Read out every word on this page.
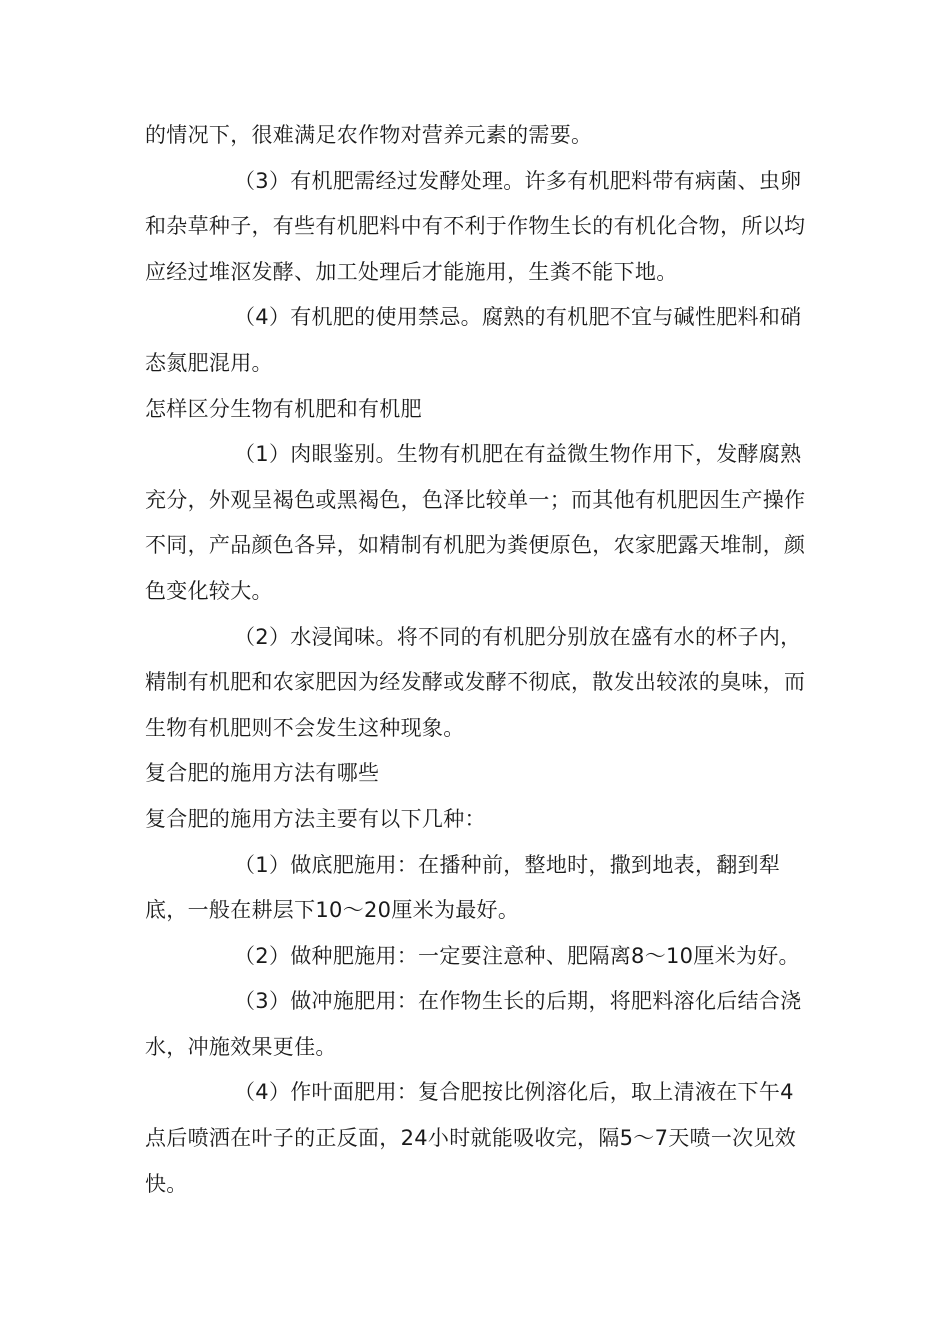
的情况下，很难满足农作物对营养元素的需要。

（3）有机肥需经过发酵处理。许多有机肥料带有病菌、虫卵和杂草种子，有些有机肥料中有不利于作物生长的有机化合物，所以均应经过堆沤发酵、加工处理后才能施用，生粪不能下地。

（4）有机肥的使用禁忌。腐熟的有机肥不宜与碱性肥料和硝态氮肥混用。

怎样区分生物有机肥和有机肥

（1）肉眼鉴别。生物有机肥在有益微生物作用下，发酵腐熟充分，外观呈褐色或黑褐色，色泽比较单一；而其他有机肥因生产操作不同，产品颜色各异，如精制有机肥为粪便原色，农家肥露天堆制，颜色变化较大。

（2）水浸闻味。将不同的有机肥分别放在盛有水的杯子内，精制有机肥和农家肥因为经发酵或发酵不彻底，散发出较浓的臭味，而生物有机肥则不会发生这种现象。

复合肥的施用方法有哪些

复合肥的施用方法主要有以下几种：

（1）做底肥施用：在播种前，整地时，撒到地表，翻到犁底，一般在耕层下10～20厘米为最好。

（2）做种肥施用：一定要注意种、肥隔离8～10厘米为好。

（3）做冲施肥用：在作物生长的后期，将肥料溶化后结合浇水，冲施效果更佳。

（4）作叶面肥用：复合肥按比例溶化后，取上清液在下午4点后喷洒在叶子的正反面，24小时就能吸收完，隔5～7天喷一次见效快。
